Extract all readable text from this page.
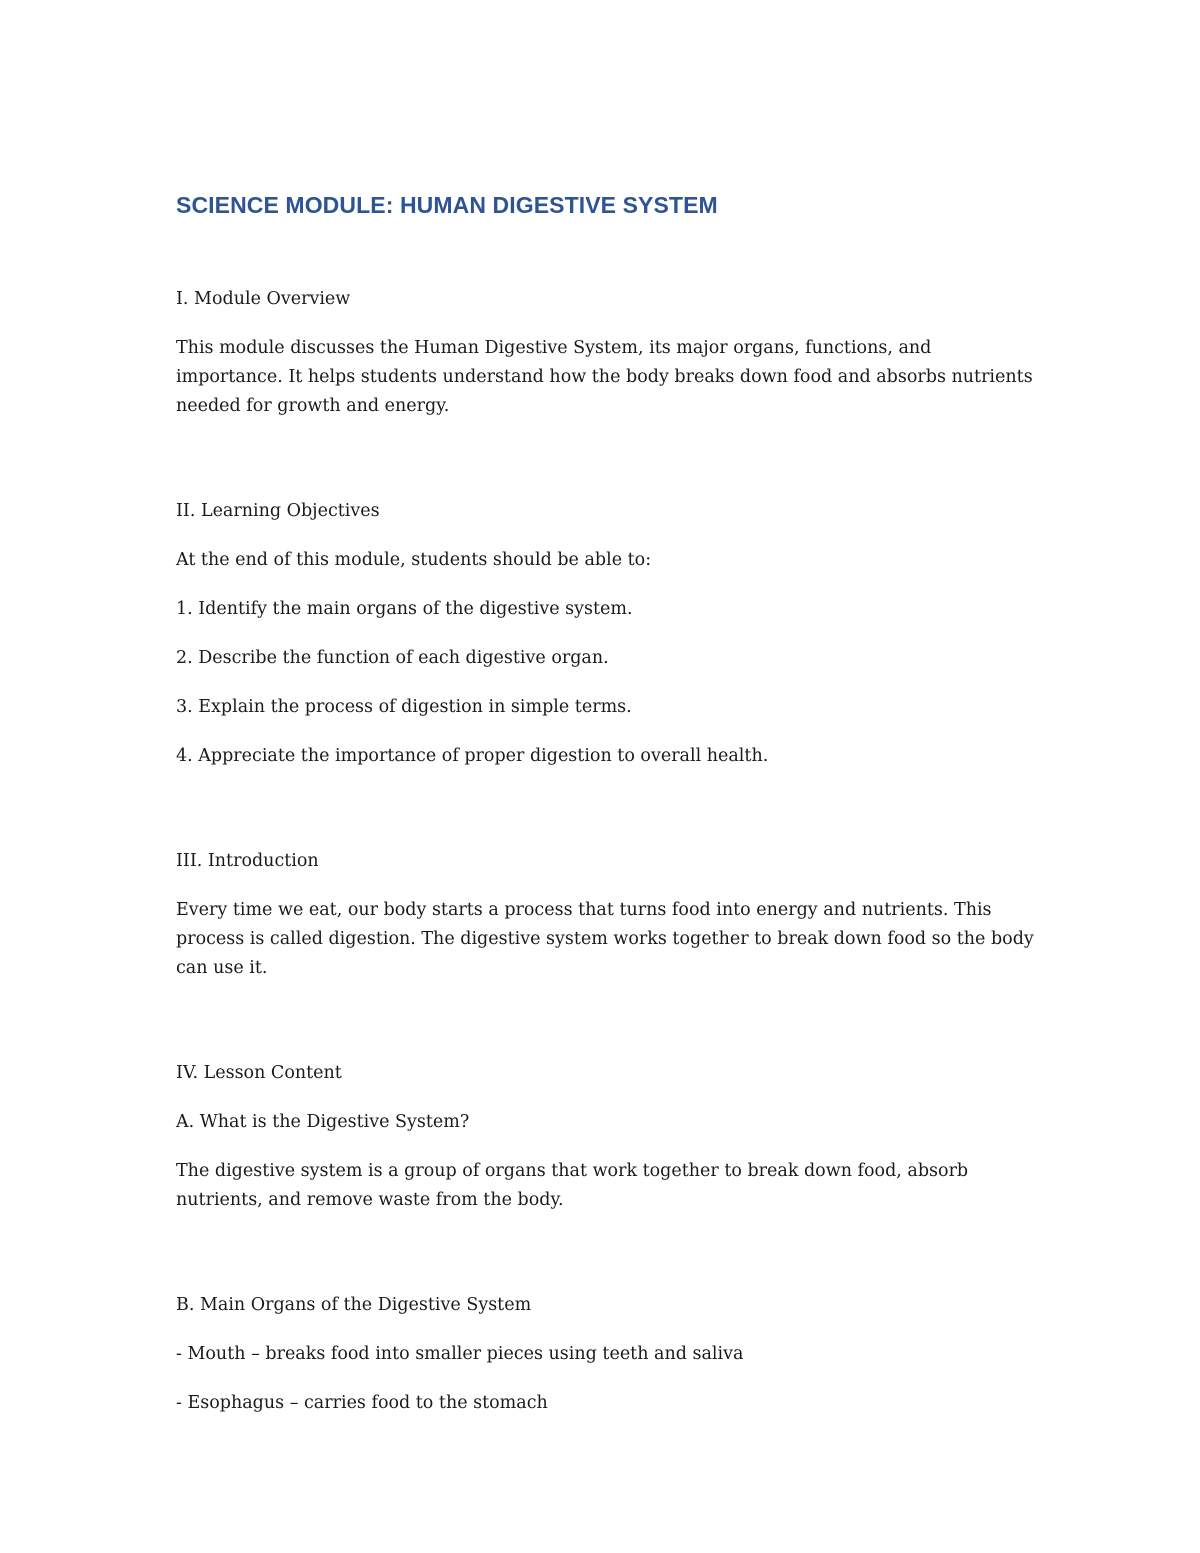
SCIENCE MODULE: HUMAN DIGESTIVE SYSTEM
I. Module Overview
This module discusses the Human Digestive System, its major organs, functions, and importance. It helps students understand how the body breaks down food and absorbs nutrients needed for growth and energy.
II. Learning Objectives
At the end of this module, students should be able to:
1. Identify the main organs of the digestive system.
2. Describe the function of each digestive organ.
3. Explain the process of digestion in simple terms.
4. Appreciate the importance of proper digestion to overall health.
III. Introduction
Every time we eat, our body starts a process that turns food into energy and nutrients. This process is called digestion. The digestive system works together to break down food so the body can use it.
IV. Lesson Content
A. What is the Digestive System?
The digestive system is a group of organs that work together to break down food, absorb nutrients, and remove waste from the body.
B. Main Organs of the Digestive System
- Mouth – breaks food into smaller pieces using teeth and saliva
- Esophagus – carries food to the stomach
